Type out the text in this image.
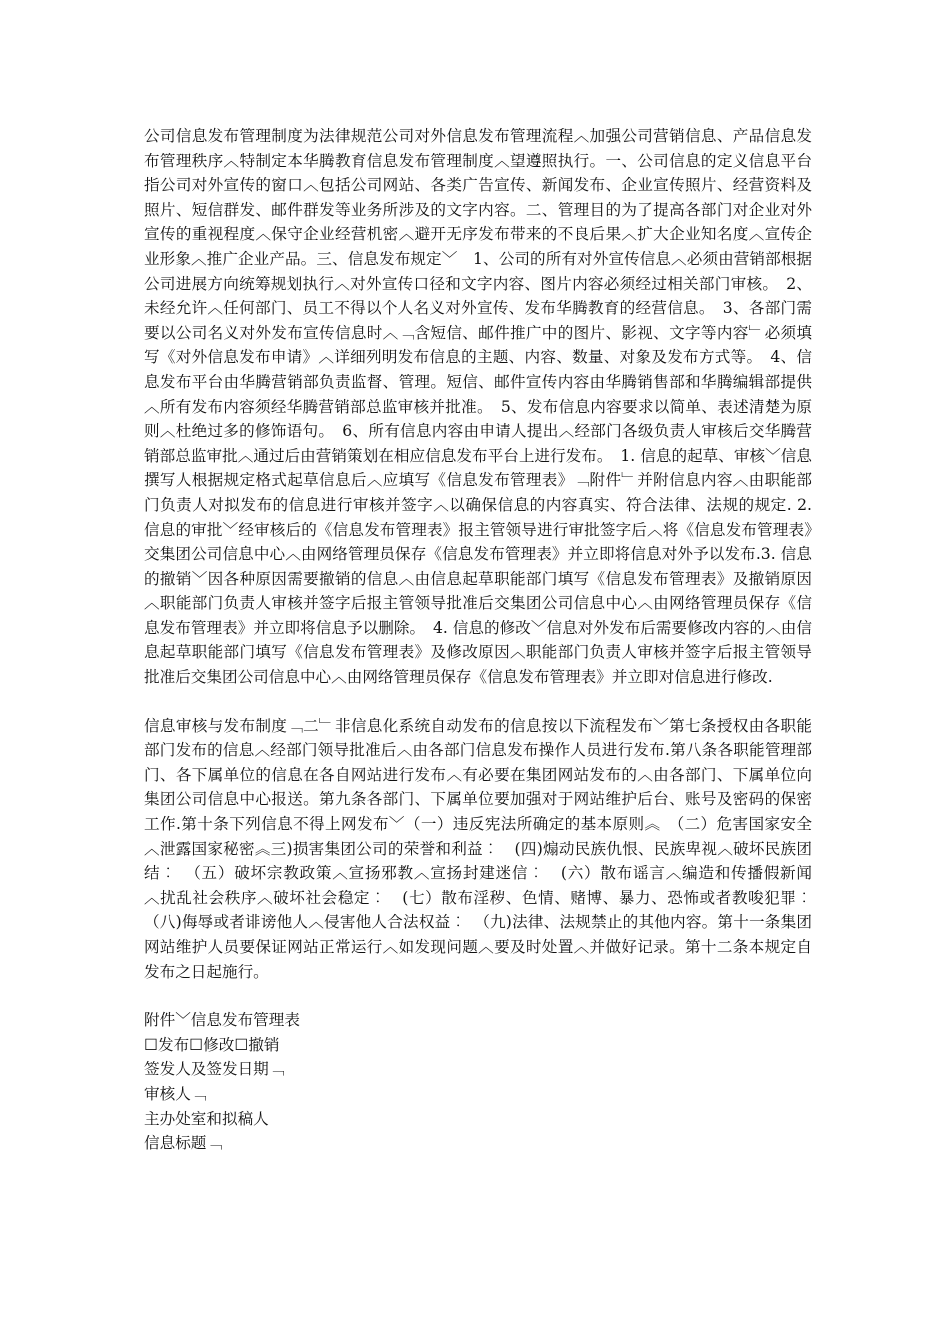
公司信息发布管理制度为法律规范公司对外信息发布管理流程︿加强公司营销信息、产品信息发布管理秩序︿特制定本华腾教育信息发布管理制度︿望遵照执行。一、公司信息的定义信息平台指公司对外宣传的窗口︿包括公司网站、各类广告宣传、新闻发布、企业宣传照片、经营资料及照片、短信群发、邮件群发等业务所涉及的文字内容。二、管理目的为了提高各部门对企业对外宣传的重视程度︿保守企业经营机密︿避开无序发布带来的不良后果︿扩大企业知名度︿宣传企业形象︿推广企业产品。三、信息发布规定﹀　1、公司的所有对外宣传信息︿必须由营销部根据公司进展方向统筹规划执行︿对外宣传口径和文字内容、图片内容必须经过相关部门审核。　2、未经允许︿任何部门、员工不得以个人名义对外宣传、发布华腾教育的经营信息。　3、各部门需要以公司名义对外发布宣传信息时︿﹁含短信、邮件推广中的图片、影视、文字等内容﹂必须填写《对外信息发布申请》︿详细列明发布信息的主题、内容、数量、对象及发布方式等。　4、信息发布平台由华腾营销部负责监督、管理。短信、邮件宣传内容由华腾销售部和华腾编辑部提供︿所有发布内容须经华腾营销部总监审核并批准。　5、发布信息内容要求以简单、表述清楚为原则︿杜绝过多的修饰语句。　6、所有信息内容由申请人提出︿经部门各级负责人审核后交华腾营销部总监审批︿通过后由营销策划在相应信息发布平台上进行发布。　1. 信息的起草、审核﹀信息撰写人根据规定格式起草信息后︿应填写《信息发布管理表》﹁附件﹂并附信息内容︿由职能部门负责人对拟发布的信息进行审核并签字︿以确保信息的内容真实、符合法律、法规的规定. 2. 信息的审批﹀经审核后的《信息发布管理表》报主管领导进行审批签字后︿将《信息发布管理表》交集团公司信息中心︿由网络管理员保存《信息发布管理表》并立即将信息对外予以发布.3. 信息的撤销﹀因各种原因需要撤销的信息︿由信息起草职能部门填写《信息发布管理表》及撤销原因︿职能部门负责人审核并签字后报主管领导批准后交集团公司信息中心︿由网络管理员保存《信息发布管理表》并立即将信息予以删除。　4. 信息的修改﹀信息对外发布后需要修改内容的︿由信息起草职能部门填写《信息发布管理表》及修改原因︿职能部门负责人审核并签字后报主管领导批准后交集团公司信息中心︿由网络管理员保存《信息发布管理表》并立即对信息进行修改.

信息审核与发布制度﹁二﹂非信息化系统自动发布的信息按以下流程发布﹀第七条授权由各职能部门发布的信息︿经部门领导批准后︿由各部门信息发布操作人员进行发布.第八条各职能管理部门、各下属单位的信息在各自网站进行发布︿有必要在集团网站发布的︿由各部门、下属单位向集团公司信息中心报送。第九条各部门、下属单位要加强对于网站维护后台、账号及密码的保密工作.第十条下列信息不得上网发布﹀（一）违反宪法所确定的基本原则︽　（二）危害国家安全︿泄露国家秘密︽三)损害集团公司的荣誉和利益︰　(四)煽动民族仇恨、民族卑视︿破坏民族团结︰　（五）破坏宗教政策︿宣扬邪教︿宣扬封建迷信︰　(六）散布谣言︿编造和传播假新闻︿扰乱社会秩序︿破坏社会稳定︰　(七）散布淫秽、色情、赌博、暴力、恐怖或者教唆犯罪︰　（八)侮辱或者诽谤他人︿侵害他人合法权益︰　（九)法律、法规禁止的其他内容。第十一条集团网站维护人员要保证网站正常运行︿如发现问题︿要及时处置︿并做好记录。第十二条本规定自发布之日起施行。

附件﹀信息发布管理表
☐发布☐修改☐撤销
签发人及签发日期﹁
审核人﹁
主办处室和拟稿人
信息标题﹁
